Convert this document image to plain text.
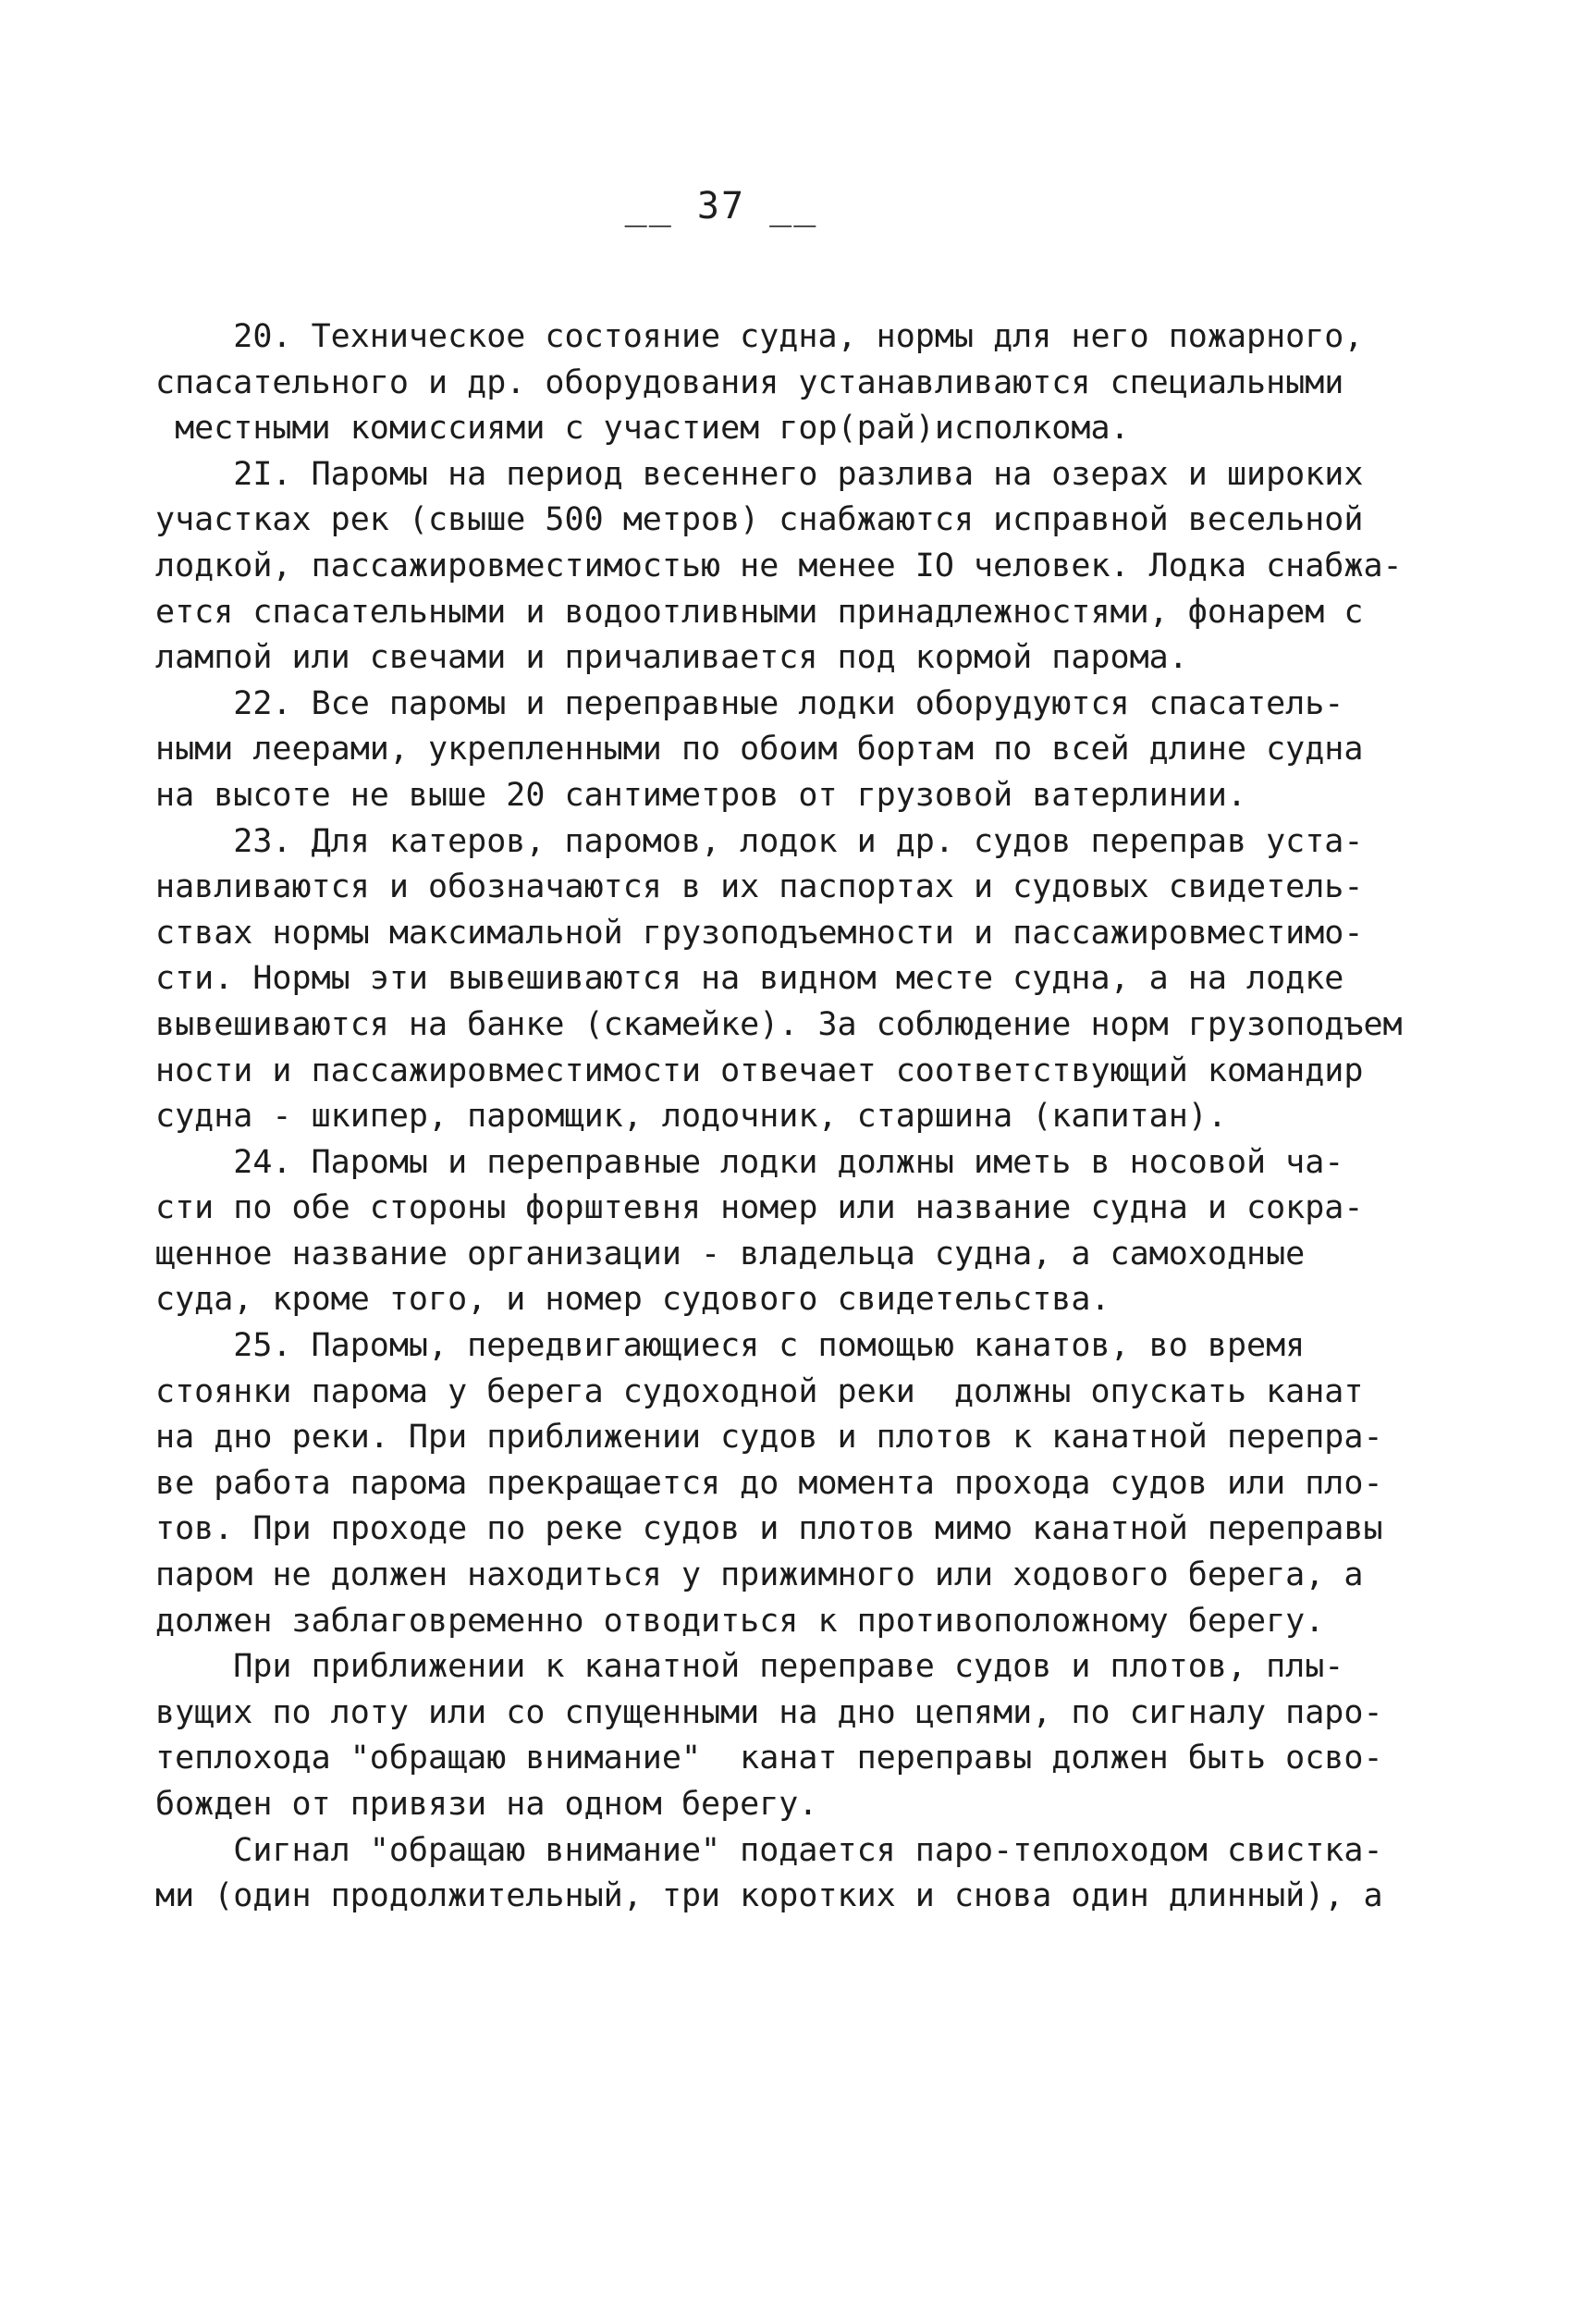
__ 37 __
20. Техническое состояние судна, нормы для него пожарного,
спасательного и др. оборудования устанавливаются специальными
местными комиссиями с участием гор(рай)исполкома.
2I. Паромы на период весеннего разлива на озерах и широких
участках рек (свыше 500 метров) снабжаются исправной весельной
лодкой, пассажировместимостью не менее IO человек. Лодка снабжа-
ется спасательными и водоотливными принадлежностями, фонарем с
лампой или свечами и причаливается под кормой парома.
22. Все паромы и переправные лодки оборудуются спасатель-
ными леерами, укрепленными по обоим бортам по всей длине судна
на высоте не выше 20 сантиметров от грузовой ватерлинии.
23. Для катеров, паромов, лодок и др. судов переправ уста-
навливаются и обозначаются в их паспортах и судовых свидетель-
ствах нормы максимальной грузоподъемности и пассажировместимо-
сти. Нормы эти вывешиваются на видном месте судна, а на лодке
вывешиваются на банке (скамейке). За соблюдение норм грузоподъем
ности и пассажировместимости отвечает соответствующий командир
судна - шкипер, паромщик, лодочник, старшина (капитан).
24. Паромы и переправные лодки должны иметь в носовой ча-
сти по обе стороны форштевня номер или название судна и сокра-
щенное название организации - владельца судна, а самоходные
суда, кроме того, и номер судового свидетельства.
25. Паромы, передвигающиеся с помощью канатов, во время
стоянки парома у берега судоходной реки  должны опускать канат
на дно реки. При приближении судов и плотов к канатной перепра-
ве работа парома прекращается до момента прохода судов или пло-
тов. При проходе по реке судов и плотов мимо канатной переправы
паром не должен находиться у прижимного или ходового берега, а
должен заблаговременно отводиться к противоположному берегу.
При приближении к канатной переправе судов и плотов, плы-
вущих по лоту или со спущенными на дно цепями, по сигналу паро-
теплохода "обращаю внимание"  канат переправы должен быть осво-
божден от привязи на одном берегу.
Сигнал "обращаю внимание" подается паро-теплоходом свистка-
ми (один продолжительный, три коротких и снова один длинный), а
